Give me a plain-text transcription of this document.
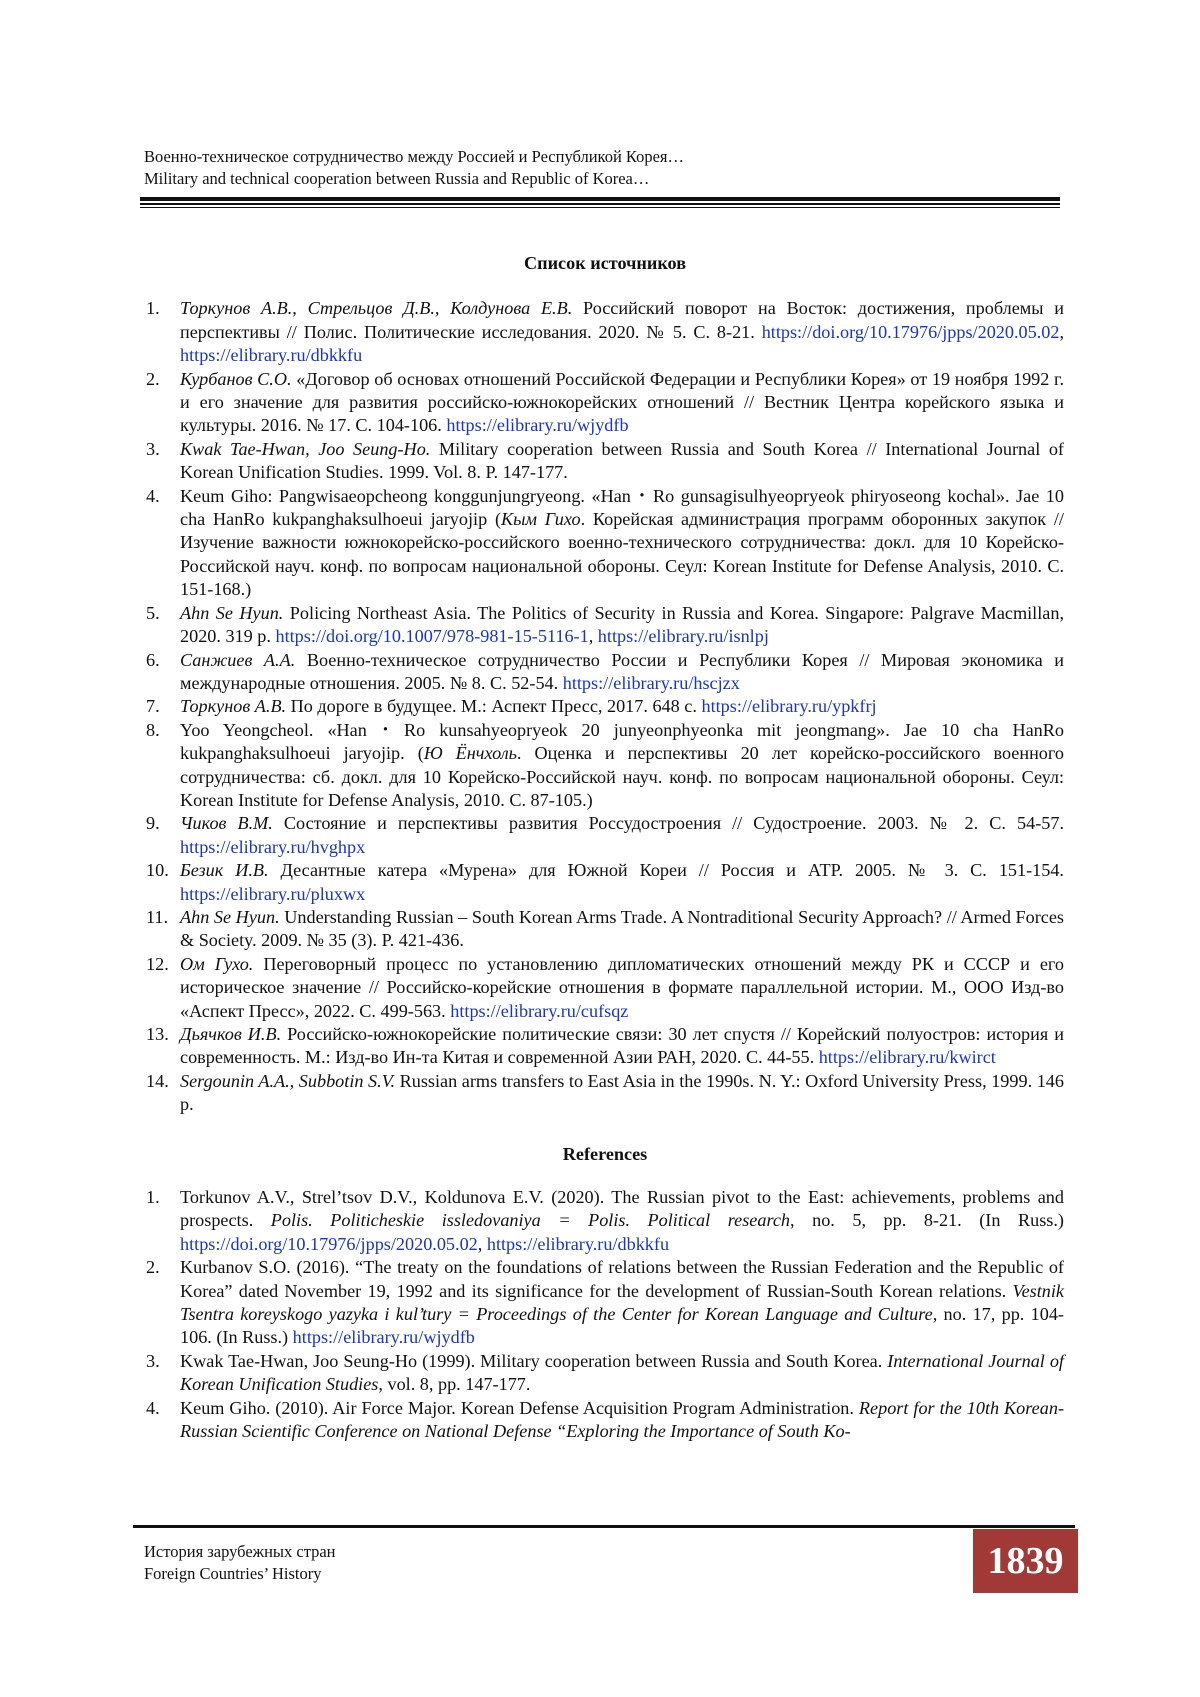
Военно-техническое сотрудничество между Россией и Республикой Корея…
Military and technical cooperation between Russia and Republic of Korea…
Список источников
1.	Торкунов А.В., Стрельцов Д.В., Колдунова Е.В. Российский поворот на Восток: достижения, проблемы и перспективы // Полис. Политические исследования. 2020. № 5. С. 8-21. https://doi.org/10.17976/jpps/2020.05.02, https://elibrary.ru/dbkkfu
2.	Курбанов С.О. «Договор об основах отношений Российской Федерации и Республики Корея» от 19 ноября 1992 г. и его значение для развития российско-южнокорейских отношений // Вестник Центра корейского языка и культуры. 2016. № 17. С. 104-106. https://elibrary.ru/wjydfb
3.	Kwak Tae-Hwan, Joo Seung-Ho. Military cooperation between Russia and South Korea // International Journal of Korean Unification Studies. 1999. Vol. 8. P. 147-177.
4.	Keum Giho: Pangwisaeopcheong konggunjungryeong. «Han・Ro gunsagisulhyeopryeok phiryoseong kochal». Jae 10 cha HanRo kukpanghaksulhoeui jaryojip (Кым Гихо. Корейская администрация программ оборонных закупок // Изучение важности южнокорейско-российского военно-технического сотрудничества: докл. для 10 Корейско-Российской науч. конф. по вопросам национальной обороны. Сеул: Korean Institute for Defense Analysis, 2010. С. 151-168.)
5.	Ahn Se Hyun. Policing Northeast Asia. The Politics of Security in Russia and Korea. Singapore: Palgrave Macmillan, 2020. 319 p. https://doi.org/10.1007/978-981-15-5116-1, https://elibrary.ru/isnlpj
6.	Санжиев А.А. Военно-техническое сотрудничество России и Республики Корея // Мировая экономика и международные отношения. 2005. № 8. С. 52-54. https://elibrary.ru/hscjzx
7.	Торкунов А.В. По дороге в будущее. М.: Аспект Пресс, 2017. 648 с. https://elibrary.ru/ypkfrj
8.	Yoo Yeongcheol. «Han・Ro kunsahyeopryeok 20 junyeonphyeonka mit jeongmang». Jae 10 cha HanRo kukpanghaksulhoeui jaryojip. (Ю Ёнчхоль. Оценка и перспективы 20 лет корейско-российского военного сотрудничества: сб. докл. для 10 Корейско-Российской науч. конф. по вопросам национальной обороны. Сеул: Korean Institute for Defense Analysis, 2010. С. 87-105.)
9.	Чиков В.М. Состояние и перспективы развития Россудостроения // Судостроение. 2003. № 2. С. 54-57. https://elibrary.ru/hvghpx
10. Безик И.В. Десантные катера «Мурена» для Южной Кореи // Россия и АТР. 2005. № 3. С. 151-154. https://elibrary.ru/pluxwx
11. Ahn Se Hyun. Understanding Russian – South Korean Arms Trade. A Nontraditional Security Approach? // Armed Forces & Society. 2009. № 35 (3). P. 421-436.
12. Ом Гухо. Переговорный процесс по установлению дипломатических отношений между РК и СССР и его историческое значение // Российско-корейские отношения в формате параллельной истории. М., ООО Изд-во «Аспект Пресс», 2022. С. 499-563. https://elibrary.ru/cufsqz
13. Дьячков И.В. Российско-южнокорейские политические связи: 30 лет спустя // Корейский полуостров: история и современность. М.: Изд-во Ин-та Китая и современной Азии РАН, 2020. С. 44-55. https://elibrary.ru/kwirct
14. Sergounin A.A., Subbotin S.V. Russian arms transfers to East Asia in the 1990s. N. Y.: Oxford University Press, 1999. 146 p.
References
1.	Torkunov A.V., Strel’tsov D.V., Koldunova E.V. (2020). The Russian pivot to the East: achievements, problems and prospects. Polis. Politicheskie issledovaniya = Polis. Political research, no. 5, pp. 8-21. (In Russ.) https://doi.org/10.17976/jpps/2020.05.02, https://elibrary.ru/dbkkfu
2.	Kurbanov S.O. (2016). “The treaty on the foundations of relations between the Russian Federation and the Republic of Korea” dated November 19, 1992 and its significance for the development of Russian-South Korean relations. Vestnik Tsentra koreyskogo yazyka i kul’tury = Proceedings of the Center for Korean Language and Culture, no. 17, pp. 104-106. (In Russ.) https://elibrary.ru/wjydfb
3.	Kwak Tae-Hwan, Joo Seung-Ho (1999). Military cooperation between Russia and South Korea. International Journal of Korean Unification Studies, vol. 8, pp. 147-177.
4.	Keum Giho. (2010). Air Force Major. Korean Defense Acquisition Program Administration. Report for the 10th Korean-Russian Scientific Conference on National Defense “Exploring the Importance of South Ko-
История зарубежных стран
Foreign Countries’ History	1839
